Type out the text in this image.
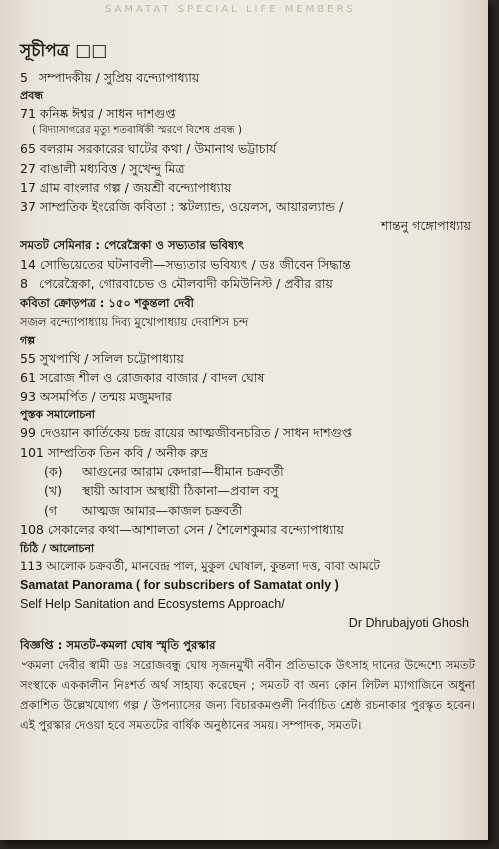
SAMATAT SPECIAL LIFE MEMBERS
সূচীপত্র □□
5 সম্পাদকীয় / সুপ্রিয় বন্দ্যোপাধ্যায়
প্রবন্ধ
71 কনিষ্ক ঈশ্বর / সাধন দাশগুপ্ত
( বিদ্যাসাগরের মৃত্যু শতবার্ষিকী স্মরণে বিশেষ প্রবন্ধ )
65 বলরাম সরকারের ঘাটের কথা / উমানাথ ভট্টাচার্য
27 বাঙালী মধ্যবিত্ত / সুখেন্দু মিত্র
17 গ্রাম বাংলার গল্প / জয়শ্রী বন্দ্যোপাধ্যায়
37 সাম্প্রতিক ইংরেজি কবিতা : স্কটল্যান্ড, ওয়েলস, আয়ারল্যান্ড /
শান্তনু গঙ্গোপাধ্যায়
সমতট সেমিনার : পেরেস্ত্রৈকা ও সভ্যতার ভবিষ্যৎ
14 সোভিয়েতের ঘটনাবলী—সভ্যতার ভবিষ্যৎ / ডঃ জীবেন সিদ্ধান্ত
8 পেরেস্ত্রৈকা, গোরবাচেভ ও মৌলবাদী কমিউনিস্ট / প্রবীর রায়
কবিতা ক্রোড়পত্র : ১৫০ শকুন্তলা দেবী
সজল বন্দ্যোপাধ্যায় দিব্য মুখোপাধ্যায় দেবাশিস চন্দ
গল্প
55 সুখপাখি / সলিল চট্টোপাধ্যায়
61 সরোজ শীল ও রোজকার বাজার / বাদল ঘোষ
93 অসমর্পিত / তন্ময় মজুমদার
পুস্তক সমালোচনা
99 দেওয়ান কার্তিকেয় চন্দ্র রায়ের আত্মজীবনচরিত / সাধন দাশগুপ্ত
101 সাম্প্রতিক তিন কবি / অনীক রুদ্র
(ক) আগুনের আরাম কেদারা—ধীমান চক্রবর্তী
(খ) স্থায়ী আবাস অস্থায়ী ঠিকানা—প্রবাল বসু
(গ আত্মজ আমার—কাজল চক্রবর্তী
108 সেকালের কথা—আশালতা সেন / শৈলেশকুমার বন্দ্যোপাধ্যায়
চিঠি / আলোচনা
113 আলোক চক্রবর্তী, মানবেন্দ্র পাল, মুকুল ঘোষাল, কুন্তলা দত্ত, বাবা আমটে
Samatat Panorama ( for subscribers of Samatat only )
Self Help Sanitation and Ecosystems Approach/
Dr Dhrubajyoti Ghosh
বিজ্ঞপ্তি : সমতট-কমলা ঘোষ স্মৃতি পুরস্কার
৺কমলা দেবীর স্বামী ডঃ সরোজবন্ধু ঘোষ সৃজনমুখী নবীন প্রতিভাকে উৎসাহ দানের উদ্দেশ্যে সমতট সংস্থাকে এককালীন নিঃশর্ত অর্থ সাহায্য করেছেন ; সমতট বা অন্য কোন লিটল ম্যাগাজিনে অধুনা প্রকাশিত উল্লেখযোগ্য গল্প / উপন্যাসের জন্য বিচারকমণ্ডলী নির্বাচিত শ্রেষ্ঠ রচনাকার পুরস্কৃত হবেন। এই পুরস্কার দেওয়া হবে সমতটের বার্ষিক অনুষ্ঠানের সময়। সম্পাদক, সমতট।
